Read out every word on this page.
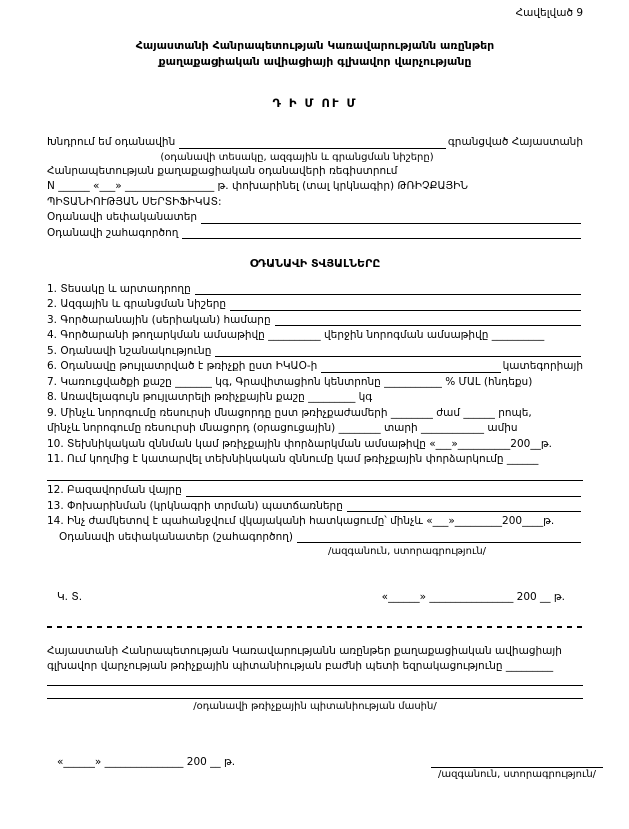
Հավելված 9
Հայաստանի Հանրապետության Կառավարությանն առընթեր
քաղաքացիական ավիացիայի գլխավոր վարչությանը
Դ Ի Մ ՈՒ Մ
Խնդրում եմ օդանավին	գրանցված Հայաստանի
(օդանավի տեսակը, ազգային և գրանցման նիշերը)
Հանրապետության քաղաքացիական օդանավերի ռեգիստրում
N ______ «___» _________________ թ. փոխարինել (տալ կրկնագիր) ԹՌԻՉՔԱՅԻՆ
ՊԻՏԱՆԻՈՒԹՅԱՆ ՍԵՐՏԻՖԻԿԱՏ:
Օդանավի սեփականատեր
Օդանավի շահագործող
ՕԴԱՆԱՎԻ ՏՎՅԱԼՆԵՐԸ
1. Տեսակը և արտադրողը
2. Ազգային և գրանցման նիշերը
3. Գործարանային (սերիական) համարը
4. Գործարանի թողարկման ամսաթիվը __________ վերջին նորոգման ամսաթիվը __________
5. Օդանավի նշանակությունը
6. Օդանավը թույլատրված է թռիչքի ըստ ԻԿԱՕ-ի	կատեգորիայի
7. Կառուցվածքի քաշը _______ կգ, Գրավիտացիոն կենտրոնը ___________ % ՄԱԼ (հնդեքս)
8. Առավելագույն թույլատրելի թռիչքային քաշը _________ կգ
9. Մինչև նորոգումը ռեսուրսի մնացորդը ըստ թռիչքաժամերի ________ ժամ ______ րոպե,
մինչև նորոգումը ռեսուրսի մնացորդ (օրացուցային) ________ տարի ____________ ամիս
10. Տեխնիկական զննման կամ թռիչքային փորձարկման ամսաթիվը «___»__________200__թ.
11. Ում կողմից է կատարվել տեխնիկական զննումը կամ թռիչքային փորձարկումը ______
12. Բազավորման վայրը
13. Փոխարինման (կրկնագրի տրման) պատճառները
14. Ինչ ժամկետով է պահանջվում վկայականի հատկացումը՝ մինչև «___»_________200____թ.
Օդանավի սեփականատեր (շահագործող)
/ազգանուն, ստորագրություն/
Կ. Տ.	«______» ________________ 200 __ թ.
Հայաստանի Հանրապետության Կառավարությանն առընթեր քաղաքացիական ավիացիայի գլխավոր վարչության թռիչքային պիտանիության բաժնի պետի եզրակացությունը _________
/օդանավի թռիչքային պիտանիության մասին/
«______» _______________ 200 __ թ.
/ազգանուն, ստորագրություն/
